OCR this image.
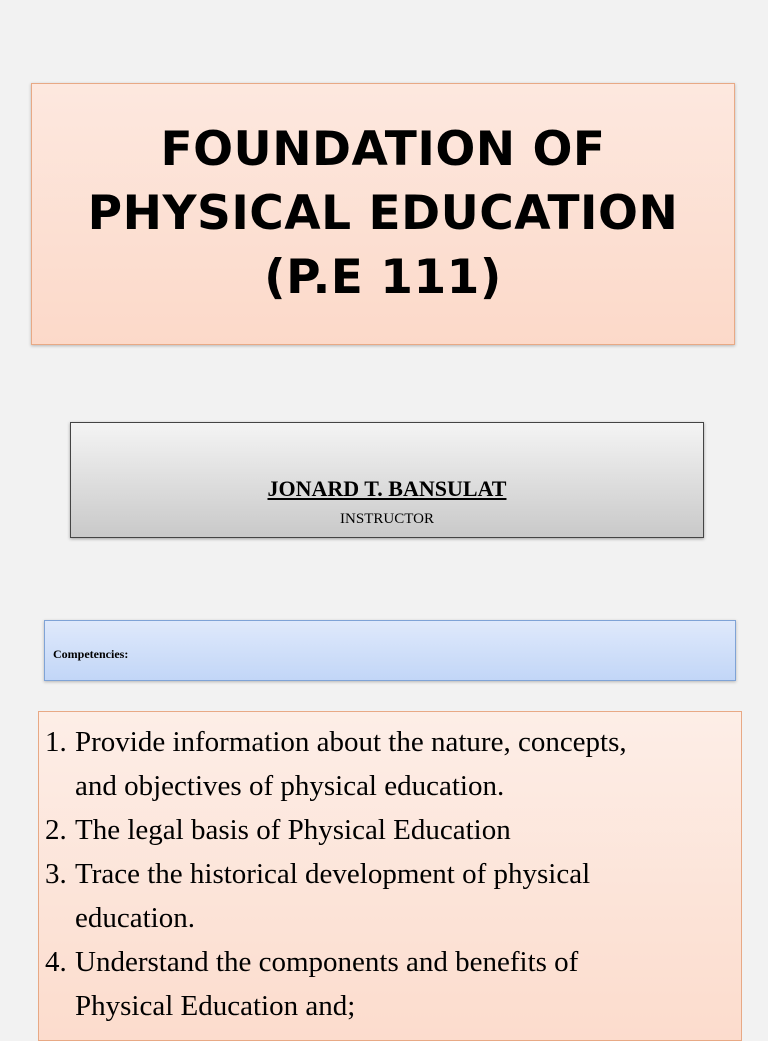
FOUNDATION OF
PHYSICAL EDUCATION
(P.E 111)
JONARD T. BANSULAT
INSTRUCTOR
Competencies:
1. Provide information about the nature, concepts,
and objectives of physical education.
2. The legal basis of Physical Education
3. Trace the historical development of physical
education.
4. Understand the components and benefits of
Physical Education and;
